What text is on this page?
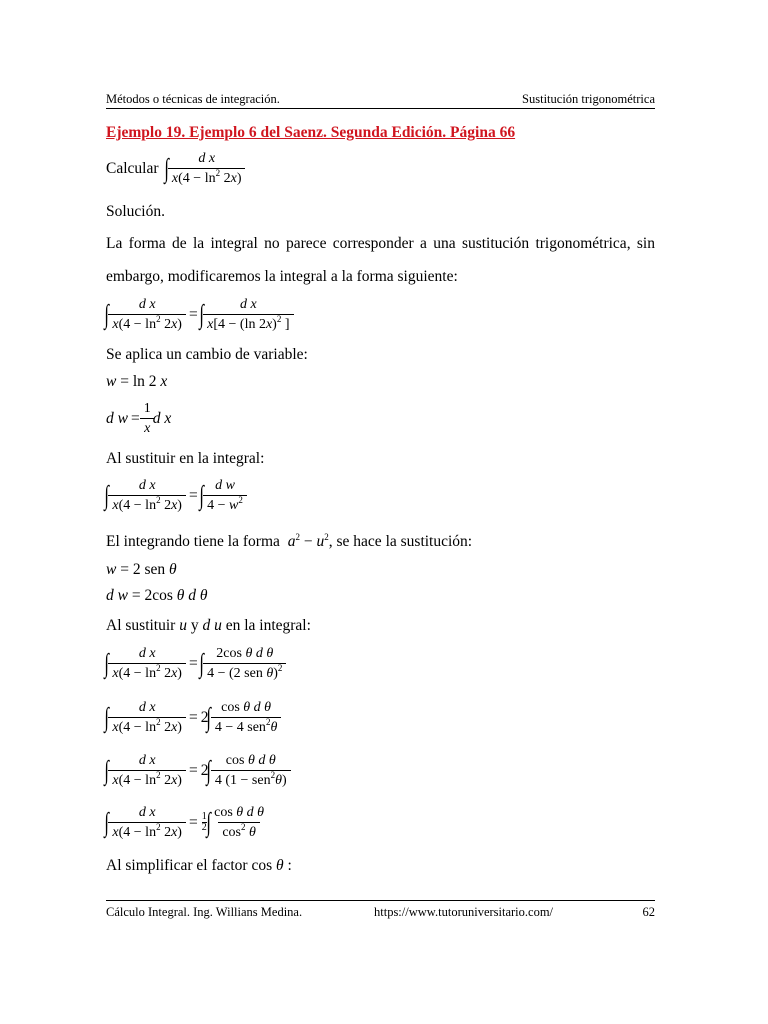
Métodos o técnicas de integración.	Sustitución trigonométrica
Ejemplo 19. Ejemplo 6 del Saenz. Segunda Edición. Página 66
Calcular ∫ $\frac{\text{d x}}{x(4 - \ln^2 2x)}$
Solución.
La forma de la integral no parece corresponder a una sustitución trigonométrica, sin
embargo, modificaremos la integral a la forma siguiente:
∫ $\frac{\text{d x}}{x(4 - \ln^2 2x)}$ = ∫ $\frac{\text{d x}}{x[4 - (\ln 2x)^2 ]}$
Se aplica un cambio de variable:
w = ln 2 x
d $w = \frac{1}{x}$
d x
Al sustituir en la integral:
∫ $\frac{\text{d x}}{x(4 - \ln^2 2x)}$ = ∫ $\frac{\text{d w}}{4 - w^2}$
El integrando tiene la forma $a^2 - u^2$, se hace la sustitución:
w = 2 sen θ
d w = 2cos θ d θ
Al sustituir u y d u en la integral:
∫ $\frac{\text{d x}}{x(4 - \ln^2 2x)}$ = ∫ $\frac{\text{2cos θ d θ}}{4 - (2 sen \theta)^2}$
∫ $\frac{\text{d x}}{x(4 - \ln^2 2x)} = 2$
∫ $\frac{\text{cos θ d θ}}{4 - 4 sen^2\theta}$
∫ $\frac{\text{d x}}{x(4 - \ln^2 2x)} = 2$
∫ $\frac{\text{cos θ d θ}}{4 (1 - sen^2\theta)}$
∫ $\frac{\text{d x}}{x(4 - \ln^2 2x)} = \frac{1}{2}$ ∫ $\frac{\text{cos θ d θ}}{\cos^2 \theta}$
Al simplificar el factor cos θ :
Cálculo Integral. Ing. Willians Medina.	https://www.tutoruniversitario.com/	62
